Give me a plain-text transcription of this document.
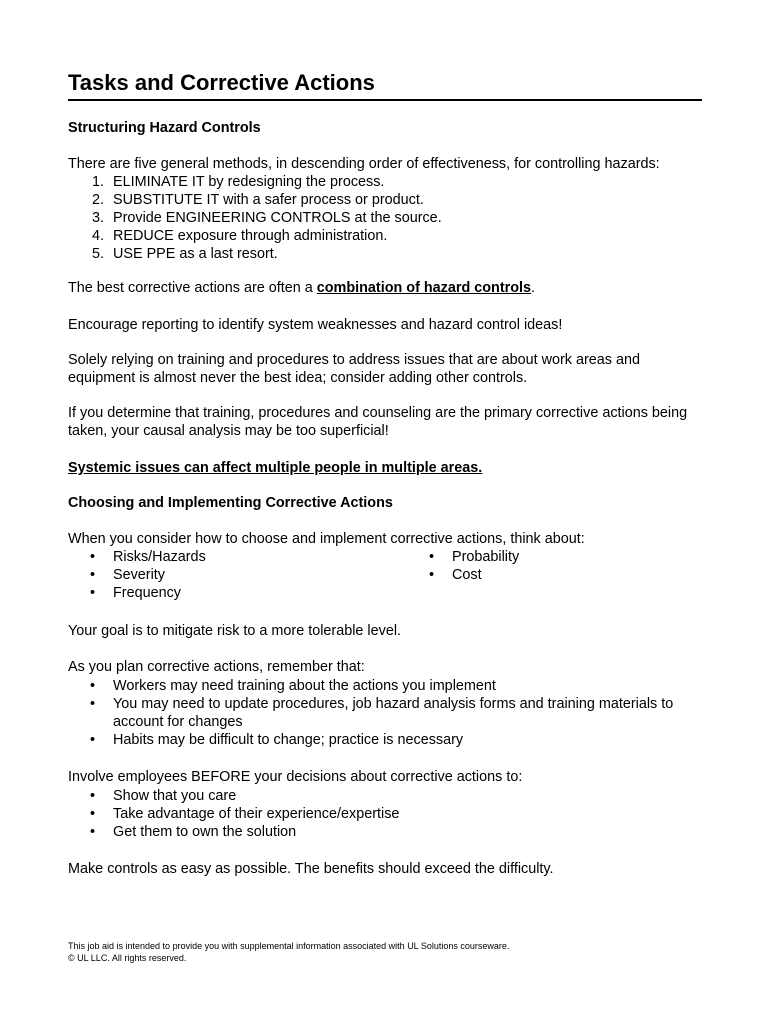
Tasks and Corrective Actions
Structuring Hazard Controls
There are five general methods, in descending order of effectiveness, for controlling hazards:
1. ELIMINATE IT by redesigning the process.
2. SUBSTITUTE IT with a safer process or product.
3. Provide ENGINEERING CONTROLS at the source.
4. REDUCE exposure through administration.
5. USE PPE as a last resort.
The best corrective actions are often a combination of hazard controls.
Encourage reporting to identify system weaknesses and hazard control ideas!
Solely relying on training and procedures to address issues that are about work areas and equipment is almost never the best idea; consider adding other controls.
If you determine that training, procedures and counseling are the primary corrective actions being taken, your causal analysis may be too superficial!
Systemic issues can affect multiple people in multiple areas.
Choosing and Implementing Corrective Actions
When you consider how to choose and implement corrective actions, think about:
• Risks/Hazards
• Severity
• Frequency
• Probability
• Cost
Your goal is to mitigate risk to a more tolerable level.
As you plan corrective actions, remember that:
• Workers may need training about the actions you implement
• You may need to update procedures, job hazard analysis forms and training materials to account for changes
• Habits may be difficult to change; practice is necessary
Involve employees BEFORE your decisions about corrective actions to:
• Show that you care
• Take advantage of their experience/expertise
• Get them to own the solution
Make controls as easy as possible. The benefits should exceed the difficulty.
This job aid is intended to provide you with supplemental information associated with UL Solutions courseware.
© UL LLC. All rights reserved.
